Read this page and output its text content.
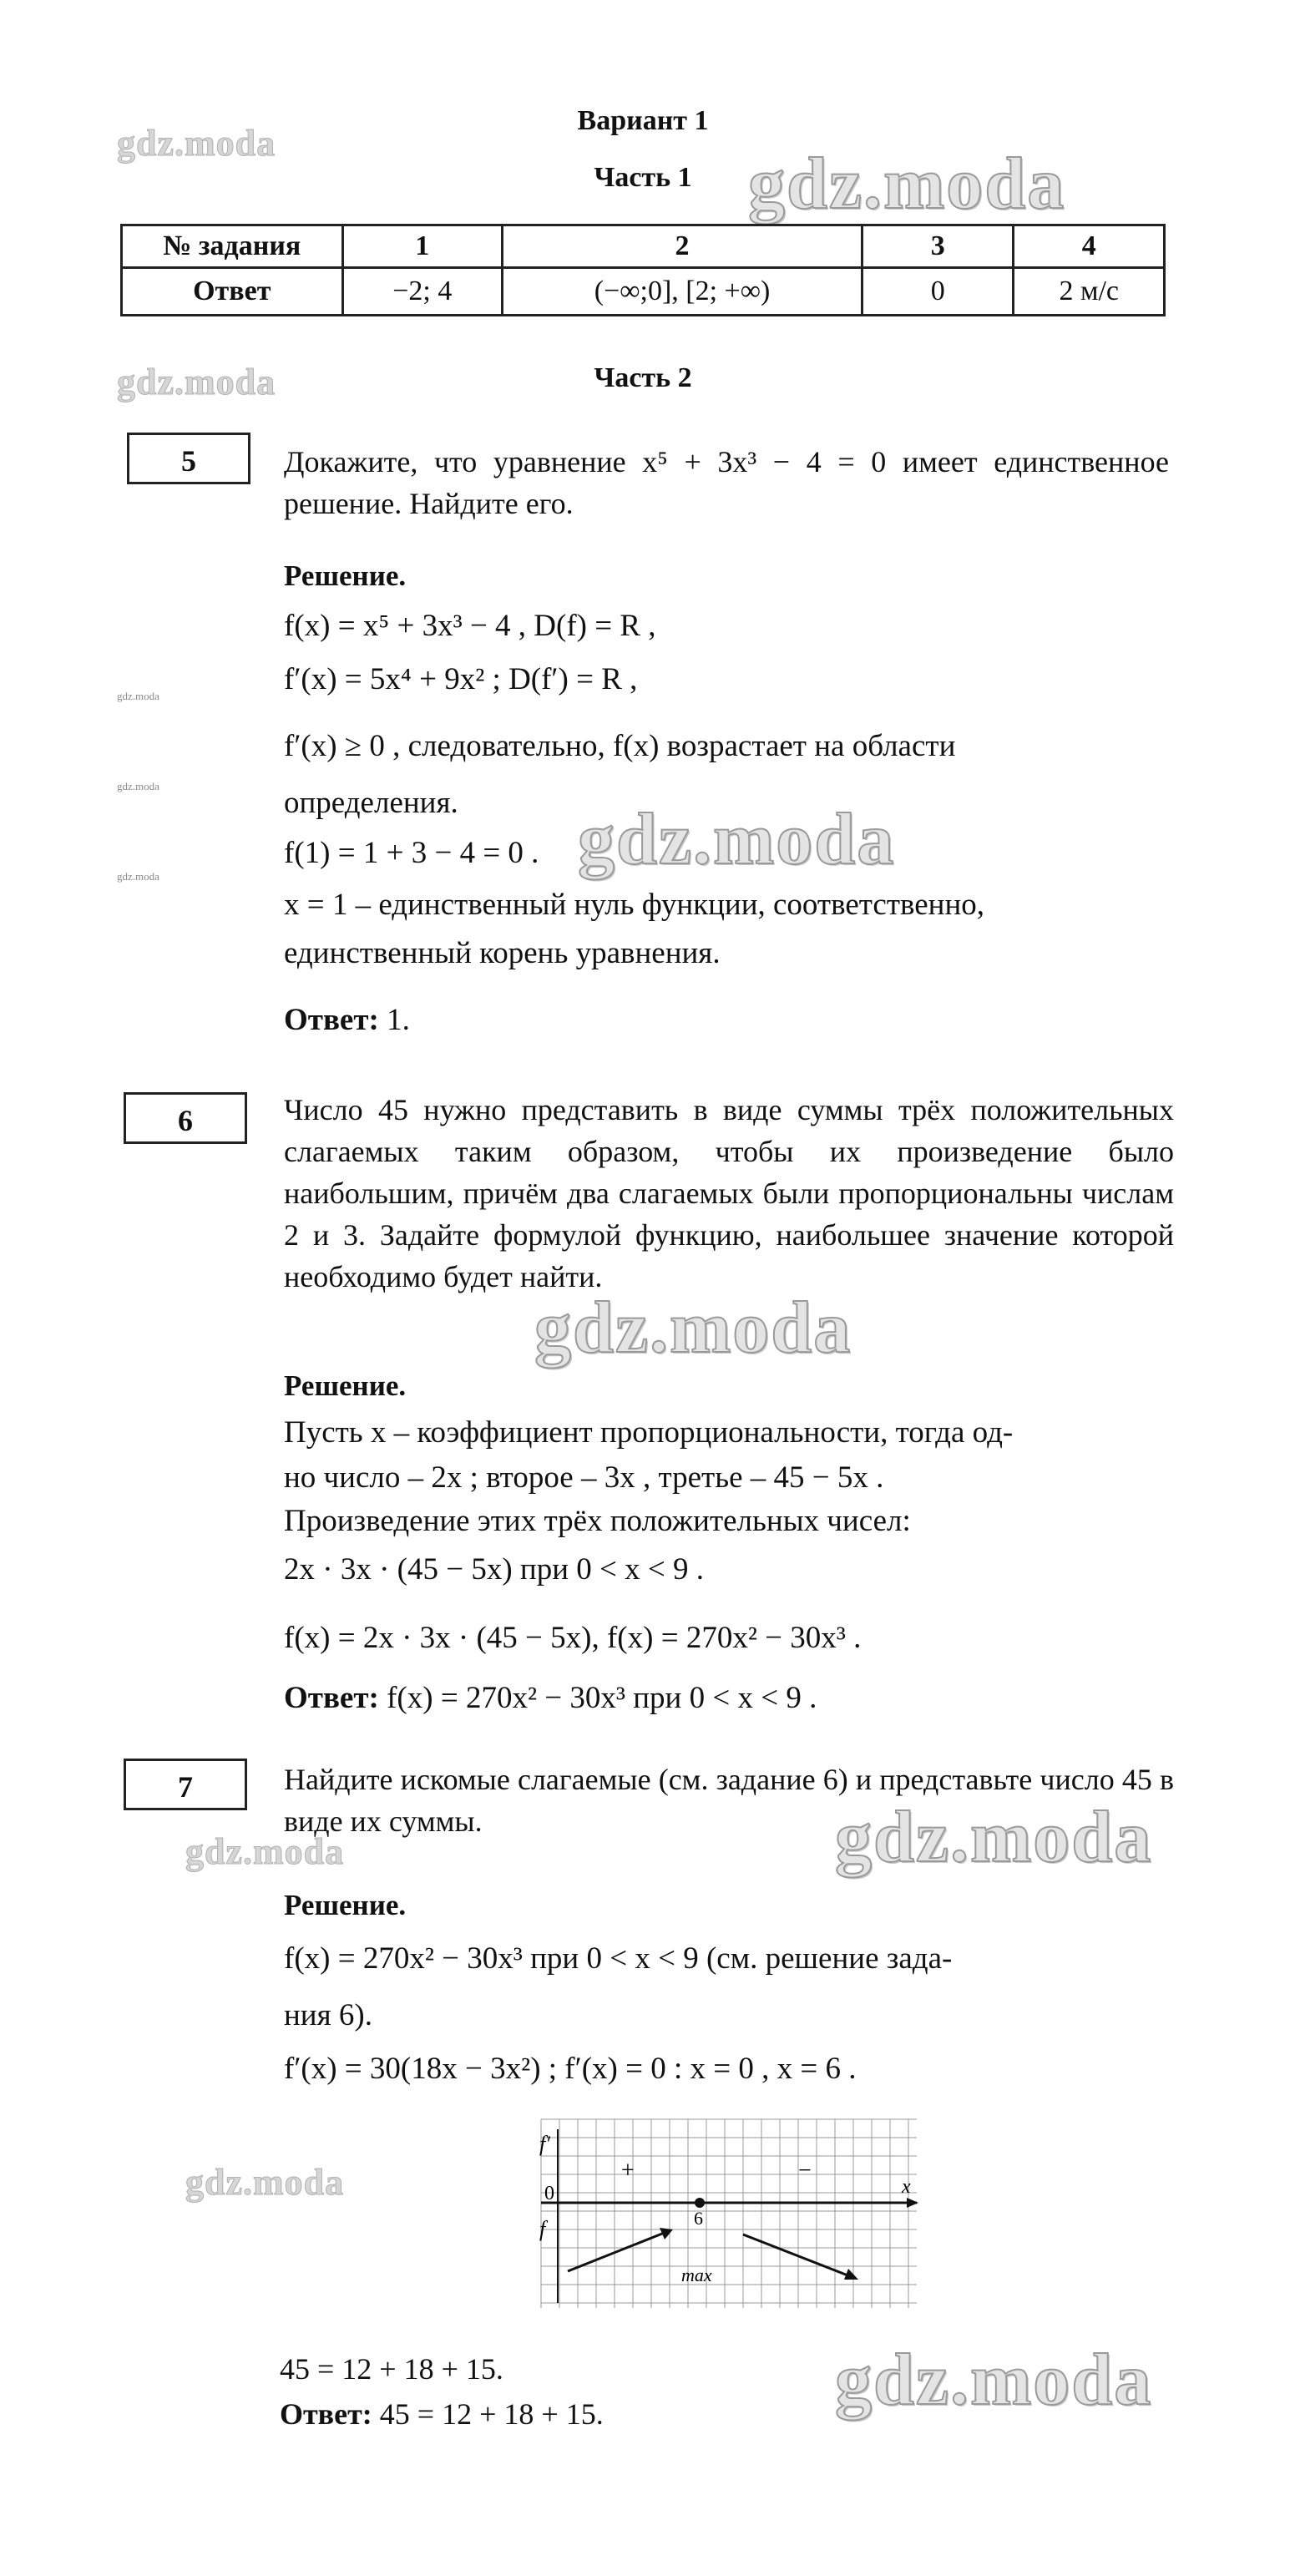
gdz.moda
gdz.moda
gdz.moda
gdz.moda
gdz.moda
gdz.moda
gdz.moda
gdz.moda
gdz.moda
gdz.moda
gdz.moda
gdz.moda
Вариант 1
Часть 1
Часть 2
№ задания	1	2	3	4
Ответ	−2; 4	(−∞;0], [2; +∞)	0	2 м/с
5	Докажите, что уравнение x⁵ + 3x³ − 4 = 0 имеет единственное решение. Найдите его.
Решение.
f(x) = x⁵ + 3x³ − 4 , D(f) = R ,
f′(x) = 5x⁴ + 9x² ; D(f′) = R ,
f′(x) ≥ 0 , следовательно, f(x) возрастает на области
определения.
f(1) = 1 + 3 − 4 = 0 .
x = 1 – единственный нуль функции, соответственно,
единственный корень уравнения.
Ответ: 1.
6	Число 45 нужно представить в виде суммы трёх положительных слагаемых таким образом, чтобы их произведение было наибольшим, причём два слагаемых были пропорциональны числам 2 и 3. Задайте формулой функцию, наибольшее значение которой необходимо будет найти.
Решение.
Пусть x – коэффициент пропорциональности, тогда од-
но число – 2x ; второе – 3x , третье – 45 − 5x .
Произведение этих трёх положительных чисел:
2x · 3x · (45 − 5x) при 0 < x < 9 .
f(x) = 2x · 3x · (45 − 5x), f(x) = 270x² − 30x³ .
Ответ: f(x) = 270x² − 30x³ при 0 < x < 9 .
7	Найдите искомые слагаемые (см. задание 6) и представьте число 45 в виде их суммы.
Решение.
f(x) = 270x² − 30x³ при 0 < x < 9 (см. решение зада-
ния 6).
f′(x) = 30(18x − 3x²) ; f′(x) = 0 : x = 0 , x = 6 .
f′
0
f
x
+	−
6
max
45 = 12 + 18 + 15.
Ответ: 45 = 12 + 18 + 15.
